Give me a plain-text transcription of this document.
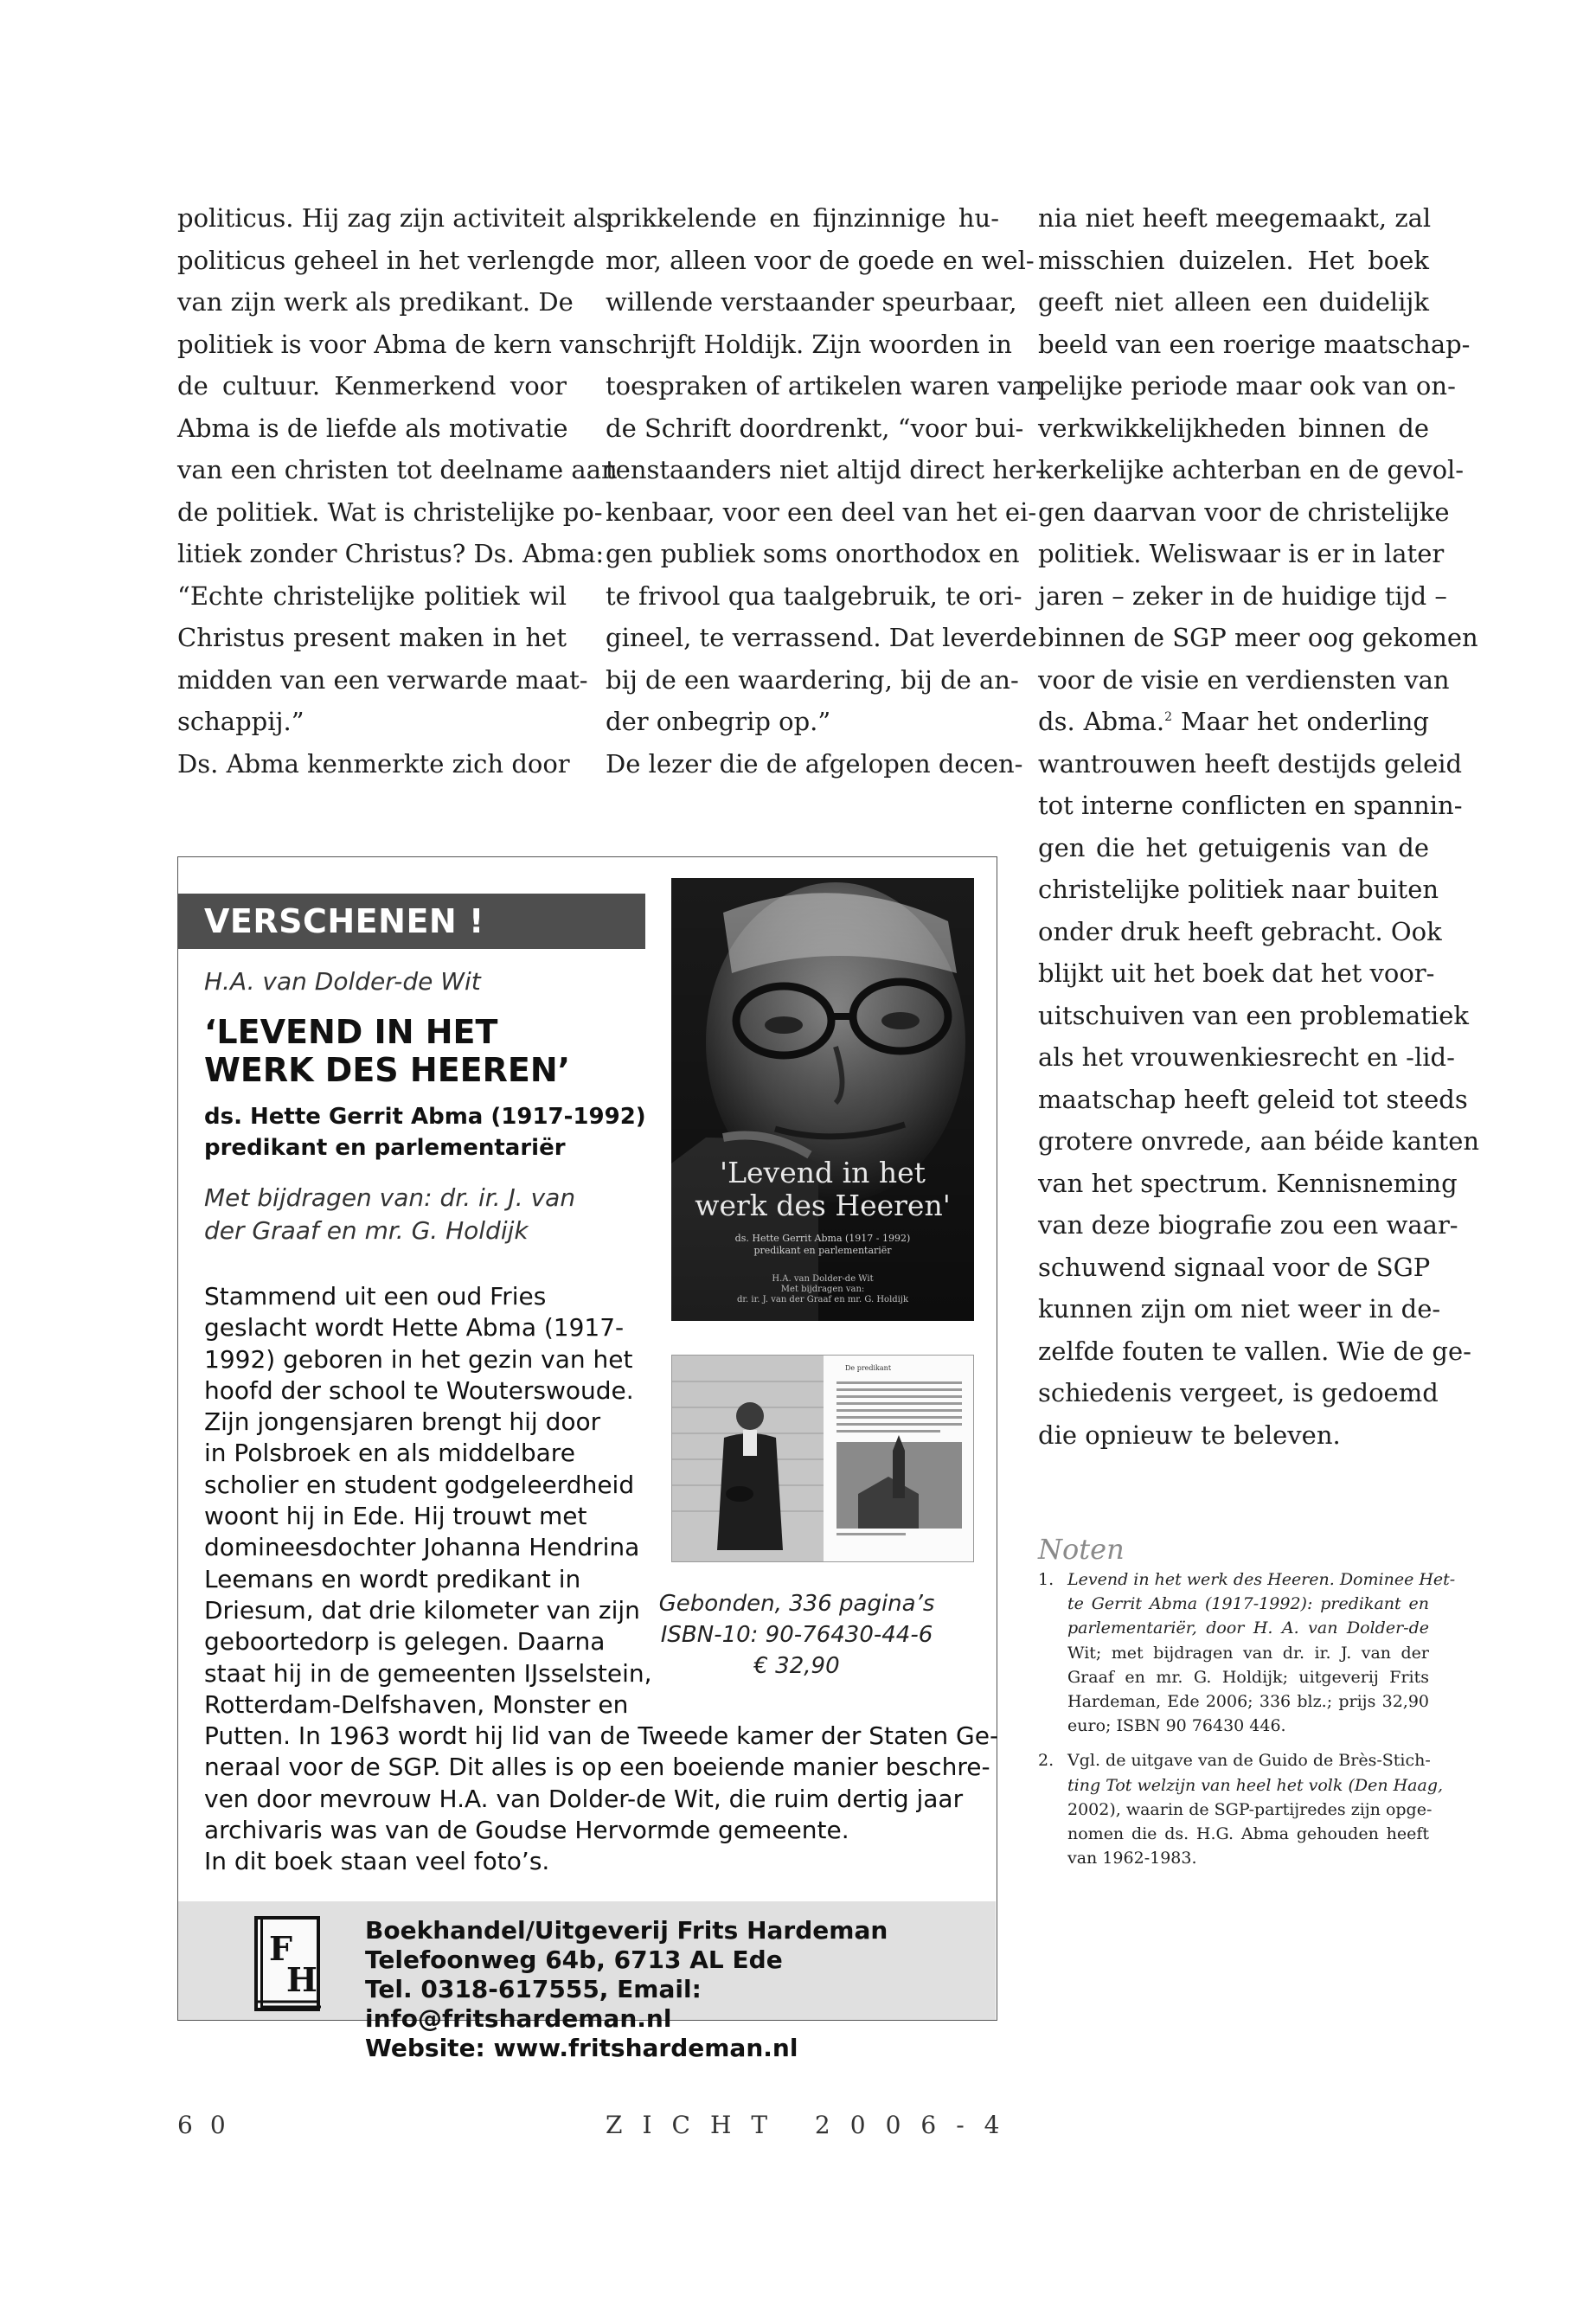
politicus. Hij zag zijn activiteit als
politicus geheel in het verlengde
van zijn werk als predikant. De
politiek is voor Abma de kern van
de cultuur. Kenmerkend voor
Abma is de liefde als motivatie
van een christen tot deelname aan
de politiek. Wat is christelijke po-
litiek zonder Christus? Ds. Abma:
“Echte christelijke politiek wil
Christus present maken in het
midden van een verwarde maat-
schappij.”
Ds. Abma kenmerkte zich door
prikkelende en fijnzinnige hu-
mor, alleen voor de goede en wel-
willende verstaander speurbaar,
schrijft Holdijk. Zijn woorden in
toespraken of artikelen waren van
de Schrift doordrenkt, “voor bui-
tenstaanders niet altijd direct her-
kenbaar, voor een deel van het ei-
gen publiek soms onorthodox en
te frivool qua taalgebruik, te ori-
gineel, te verrassend. Dat leverde
bij de een waardering, bij de an-
der onbegrip op.”
De lezer die de afgelopen decen-
nia niet heeft meegemaakt, zal
misschien duizelen. Het boek
geeft niet alleen een duidelijk
beeld van een roerige maatschap-
pelijke periode maar ook van on-
verkwikkelijkheden binnen de
kerkelijke achterban en de gevol-
gen daarvan voor de christelijke
politiek. Weliswaar is er in later
jaren – zeker in de huidige tijd –
binnen de SGP meer oog gekomen
voor de visie en verdiensten van
ds. Abma.$^2$ Maar het onderling
wantrouwen heeft destijds geleid
tot interne conflicten en spannin-
gen die het getuigenis van de
christelijke politiek naar buiten
onder druk heeft gebracht. Ook
blijkt uit het boek dat het voor-
uitschuiven van een problematiek
als het vrouwenkiesrecht en -lid-
maatschap heeft geleid tot steeds
grotere onvrede, aan béide kanten
van het spectrum. Kennisneming
van deze biografie zou een waar-
schuwend signaal voor de SGP
kunnen zijn om niet weer in de-
zelfde fouten te vallen. Wie de ge-
schiedenis vergeet, is gedoemd
die opnieuw te beleven.
VERSCHENEN !
H.A. van Dolder-de Wit
‘LEVEND IN HET
WERK DES HEEREN’
ds. Hette Gerrit Abma (1917-1992)
predikant en parlementariër
Met bijdragen van: dr. ir. J. van
der Graaf en mr. G. Holdijk
Stammend uit een oud Fries
geslacht wordt Hette Abma (1917-
1992) geboren in het gezin van het
hoofd der school te Wouterswoude.
Zijn jongensjaren brengt hij door
in Polsbroek en als middelbare
scholier en student godgeleerdheid
woont hij in Ede. Hij trouwt met
domineesdochter Johanna Hendrina
Leemans en wordt predikant in
Driesum, dat drie kilometer van zijn
geboortedorp is gelegen. Daarna
staat hij in de gemeenten IJsselstein,
Rotterdam-Delfshaven, Monster en
Putten. In 1963 wordt hij lid van de Tweede kamer der Staten Ge-
neraal voor de SGP. Dit alles is op een boeiende manier beschre-
ven door mevrouw H.A. van Dolder-de Wit, die ruim dertig jaar
archivaris was van de Goudse Hervormde gemeente.
In dit boek staan veel foto’s.
'Levend in het
werk des Heeren'
ds. Hette Gerrit Abma (1917 - 1992)
predikant en parlementariër
H.A. van Dolder-de Wit
Met bijdragen van:
dr. ir. J. van der Graaf en mr. G. Holdijk
De predikant
Gebonden, 336 pagina’s
ISBN-10: 90-76430-44-6
€ 32,90
F
H
Boekhandel/Uitgeverij Frits Hardeman
Telefoonweg 64b, 6713 AL Ede
Tel. 0318-617555, Email: info@fritshardeman.nl
Website: www.fritshardeman.nl
Noten
1. Levend in het werk des Heeren. Dominee Het-
te Gerrit Abma (1917-1992): predikant en
parlementariër, door H. A. van Dolder-de
Wit; met bijdragen van dr. ir. J. van der
Graaf en mr. G. Holdijk; uitgeverij Frits
Hardeman, Ede 2006; 336 blz.; prijs 32,90
euro; ISBN 90 76430 446.
2. Vgl. de uitgave van de Guido de Brès-Stich-
ting Tot welzijn van heel het volk (Den Haag,
2002), waarin de SGP-partijredes zijn opge-
nomen die ds. H.G. Abma gehouden heeft
van 1962-1983.
60	ZICHT 2006-4
